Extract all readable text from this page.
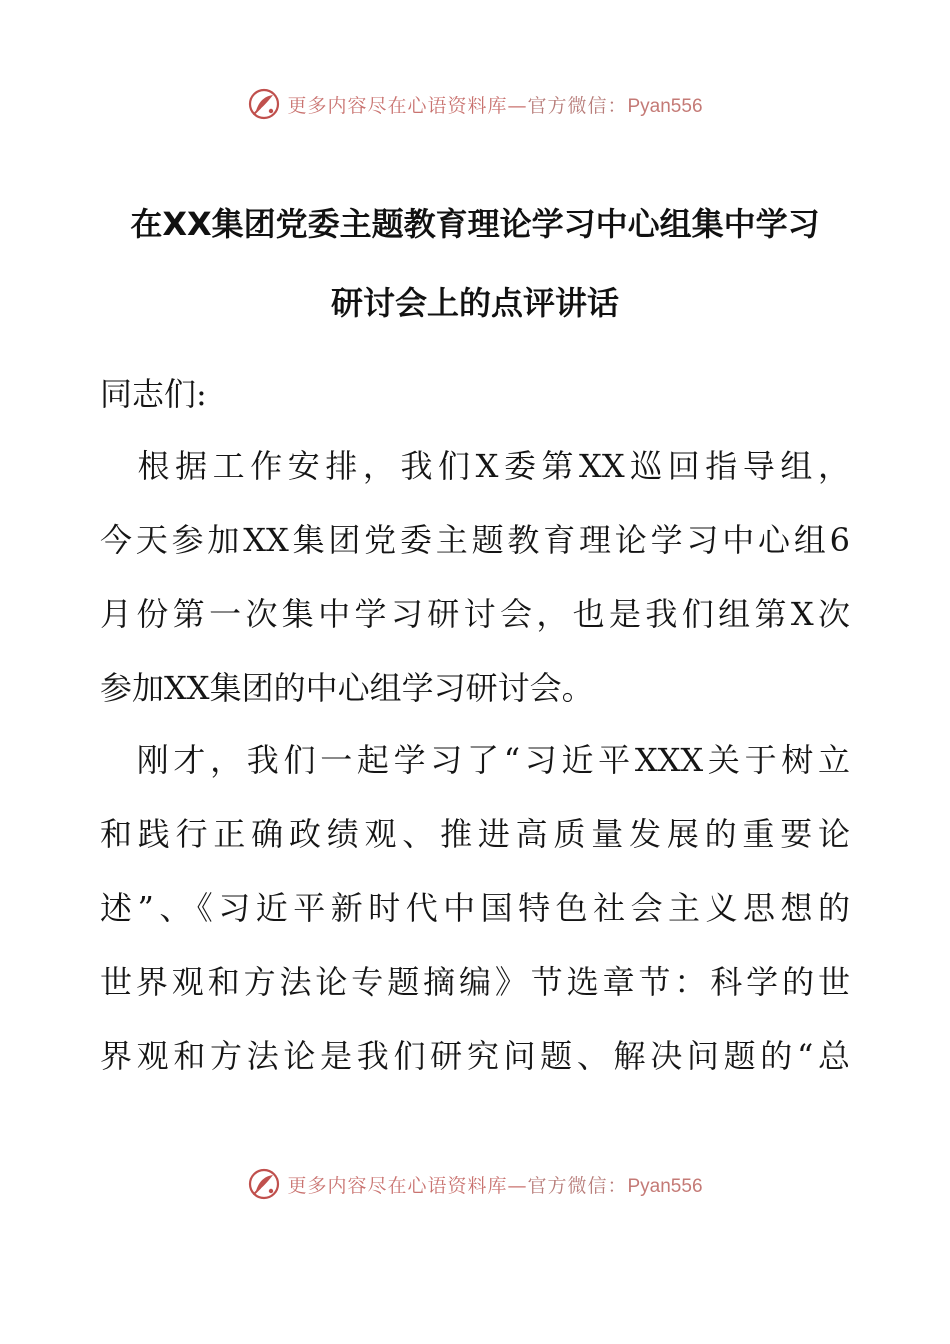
更多内容尽在心语资料库—官方微信：Pyan556
在XX集团党委主题教育理论学习中心组集中学习
研讨会上的点评讲话
同志们:
　根据工作安排，我们X委第XX巡回指导组，
今天参加XX集团党委主题教育理论学习中心组6
月份第一次集中学习研讨会，也是我们组第X次
参加XX集团的中心组学习研讨会。
　刚才，我们一起学习了“习近平XXX关于树立
和践行正确政绩观、推进高质量发展的重要论
述”、《习近平新时代中国特色社会主义思想的
世界观和方法论专题摘编》节选章节：科学的世
界观和方法论是我们研究问题、解决问题的“总
更多内容尽在心语资料库—官方微信：Pyan556
